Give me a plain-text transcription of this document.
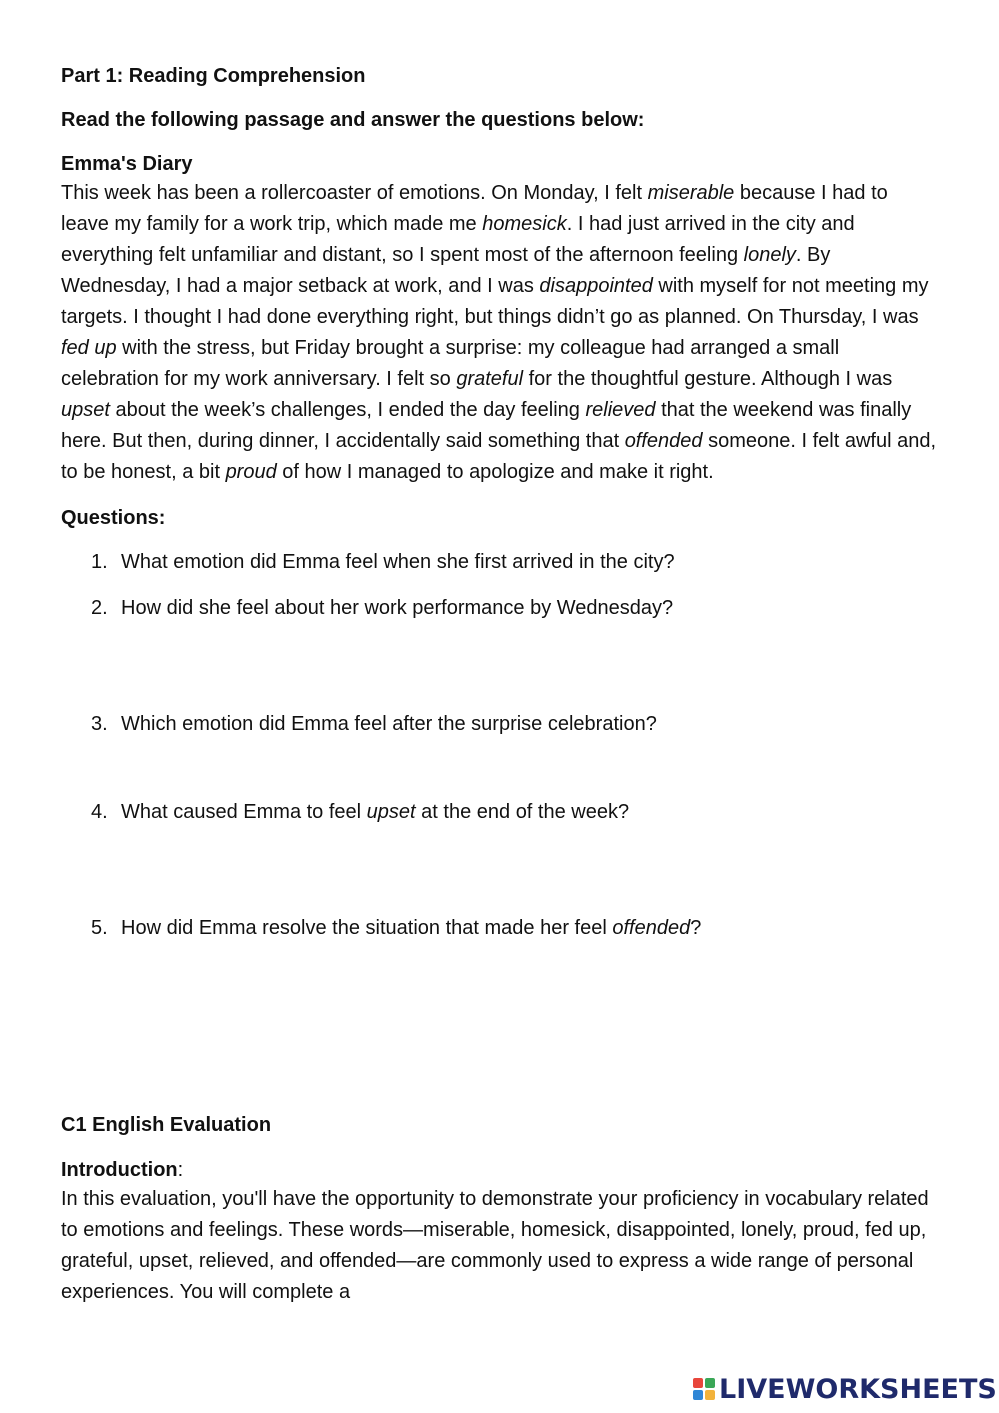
Part 1: Reading Comprehension

Read the following passage and answer the questions below:

Emma's Diary

This week has been a rollercoaster of emotions. On Monday, I felt miserable because I had to leave my family for a work trip, which made me homesick. I had just arrived in the city and everything felt unfamiliar and distant, so I spent most of the afternoon feeling lonely. By Wednesday, I had a major setback at work, and I was disappointed with myself for not meeting my targets. I thought I had done everything right, but things didn’t go as planned. On Thursday, I was fed up with the stress, but Friday brought a surprise: my colleague had arranged a small celebration for my work anniversary. I felt so grateful for the thoughtful gesture. Although I was upset about the week’s challenges, I ended the day feeling relieved that the weekend was finally here. But then, during dinner, I accidentally said something that offended someone. I felt awful and, to be honest, a bit proud of how I managed to apologize and make it right.

Questions:

1. What emotion did Emma feel when she first arrived in the city?
2. How did she feel about her work performance by Wednesday?
3. Which emotion did Emma feel after the surprise celebration?
4. What caused Emma to feel upset at the end of the week?
5. How did Emma resolve the situation that made her feel offended?

C1 English Evaluation

Introduction:

In this evaluation, you'll have the opportunity to demonstrate your proficiency in vocabulary related to emotions and feelings. These words—miserable, homesick, disappointed, lonely, proud, fed up, grateful, upset, relieved, and offended—are commonly used to express a wide range of personal experiences. You will complete a

LIVEWORKSHEETS
